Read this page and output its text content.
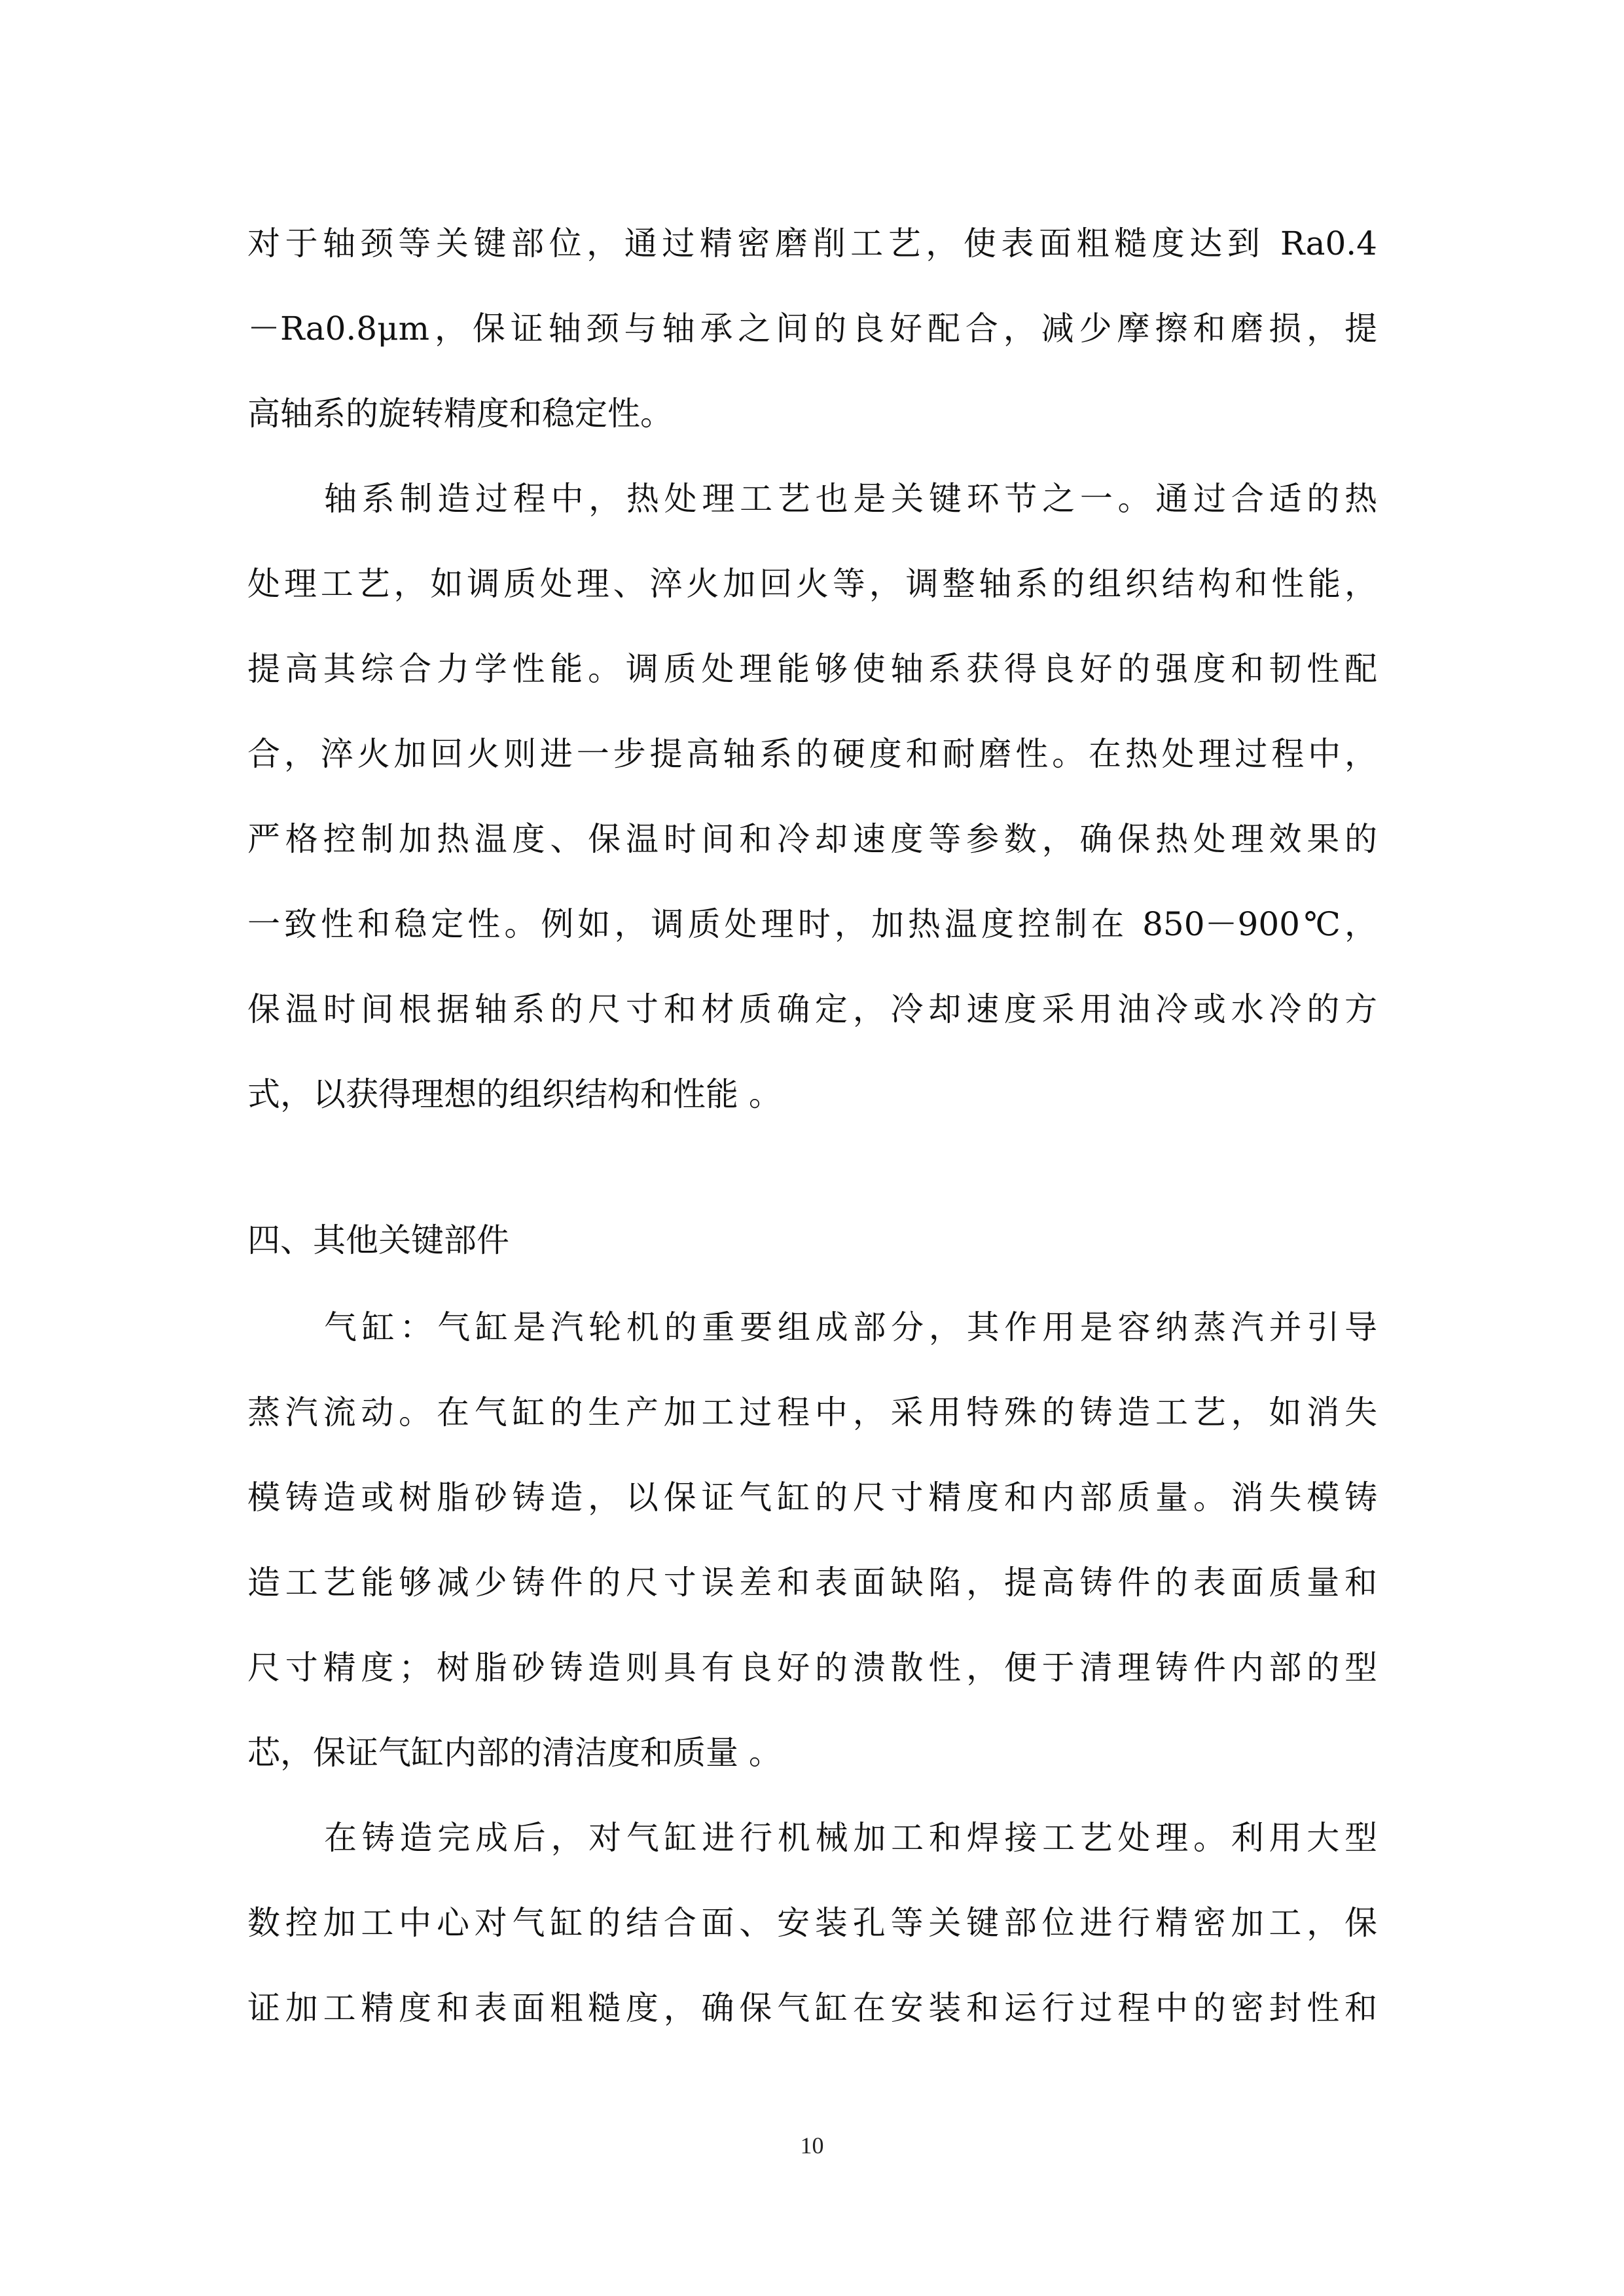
对于轴颈等关键部位，通过精密磨削工艺，使表面粗糙度达到 Ra0.4
－Ra0.8μm，保证轴颈与轴承之间的良好配合，减少摩擦和磨损，提
高轴系的旋转精度和稳定性。
轴系制造过程中，热处理工艺也是关键环节之一。通过合适的热
处理工艺，如调质处理、淬火加回火等，调整轴系的组织结构和性能，
提高其综合力学性能。调质处理能够使轴系获得良好的强度和韧性配
合，淬火加回火则进一步提高轴系的硬度和耐磨性。在热处理过程中，
严格控制加热温度、保温时间和冷却速度等参数，确保热处理效果的
一致性和稳定性。例如，调质处理时，加热温度控制在 850－900℃，
保温时间根据轴系的尺寸和材质确定，冷却速度采用油冷或水冷的方
式，以获得理想的组织结构和性能 。
四、其他关键部件
气缸：气缸是汽轮机的重要组成部分，其作用是容纳蒸汽并引导
蒸汽流动。在气缸的生产加工过程中，采用特殊的铸造工艺，如消失
模铸造或树脂砂铸造，以保证气缸的尺寸精度和内部质量。消失模铸
造工艺能够减少铸件的尺寸误差和表面缺陷，提高铸件的表面质量和
尺寸精度；树脂砂铸造则具有良好的溃散性，便于清理铸件内部的型
芯，保证气缸内部的清洁度和质量 。
在铸造完成后，对气缸进行机械加工和焊接工艺处理。利用大型
数控加工中心对气缸的结合面、安装孔等关键部位进行精密加工，保
证加工精度和表面粗糙度，确保气缸在安装和运行过程中的密封性和
10
